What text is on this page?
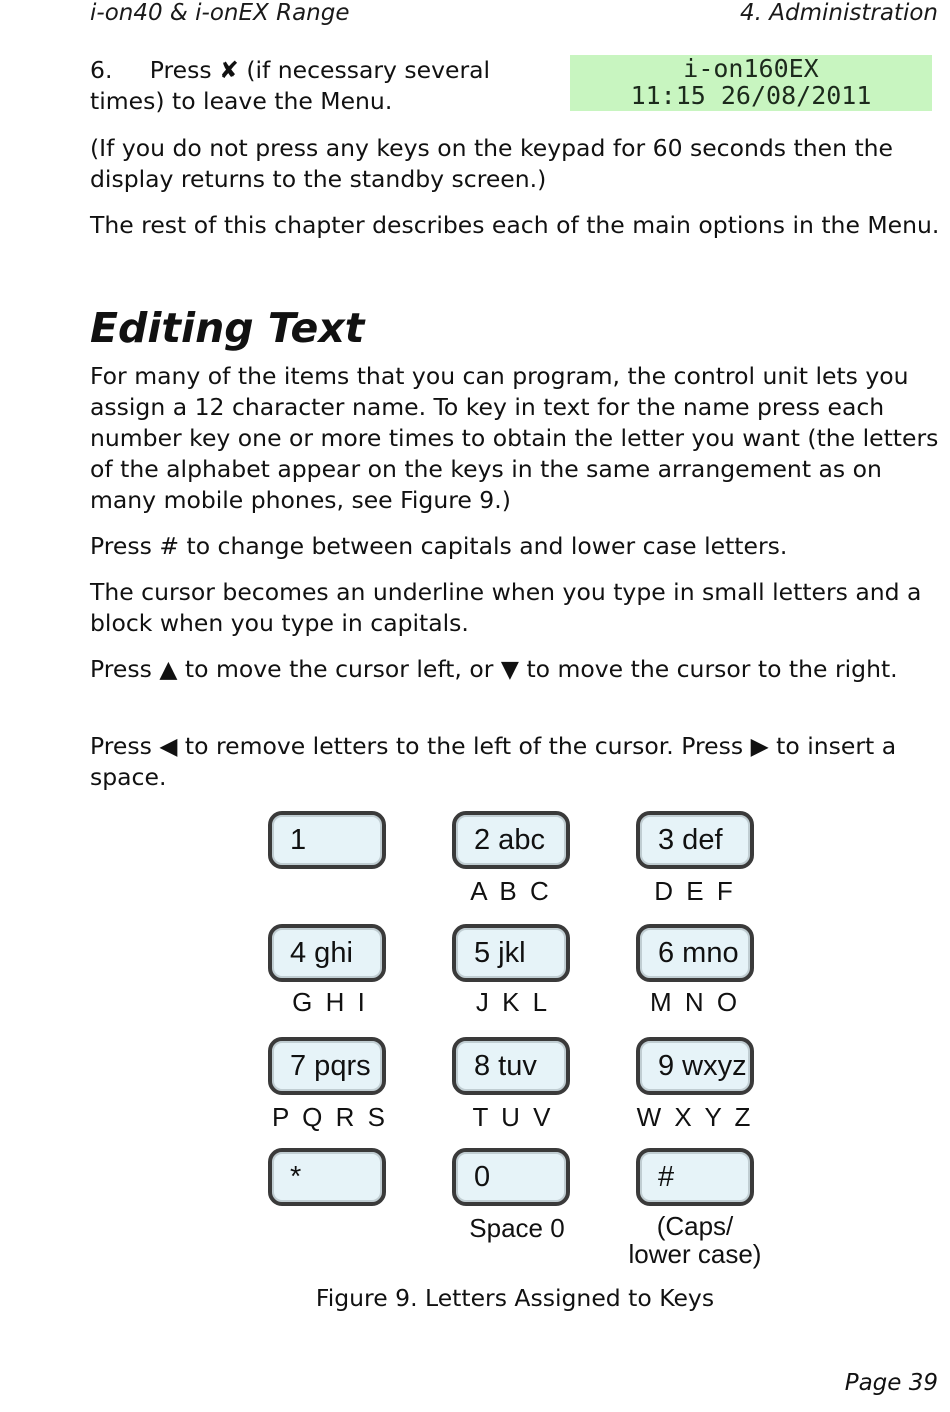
i-on40 & i-onEX Range	4. Administration
6. Press ✘ (if necessary several
times) to leave the Menu.
i-on160EX
11:15 26/08/2011

(If you do not press any keys on the keypad for 60 seconds then the display returns to the standby screen.)

The rest of this chapter describes each of the main options in the Menu.

Editing Text

For many of the items that you can program, the control unit lets you assign a 12 character name. To key in text for the name press each number key one or more times to obtain the letter you want (the letters of the alphabet appear on the keys in the same arrangement as on many mobile phones, see Figure 9.)

Press # to change between capitals and lower case letters.

The cursor becomes an underline when you type in small letters and a block when you type in capitals.

Press ▲ to move the cursor left, or ▼ to move the cursor to the right.

Press ◀ to remove letters to the left of the cursor. Press ▶ to insert a space.

1	2 abc	3 def
A B C	D E F
4 ghi	5 jkl	6 mno
G H I	J K L	M N O
7 pqrs	8 tuv	9 wxyz
P Q R S	T U V	W X Y Z
*	0	#
Space 0	(Caps/
lower case)
Figure 9. Letters Assigned to Keys
Page 39
